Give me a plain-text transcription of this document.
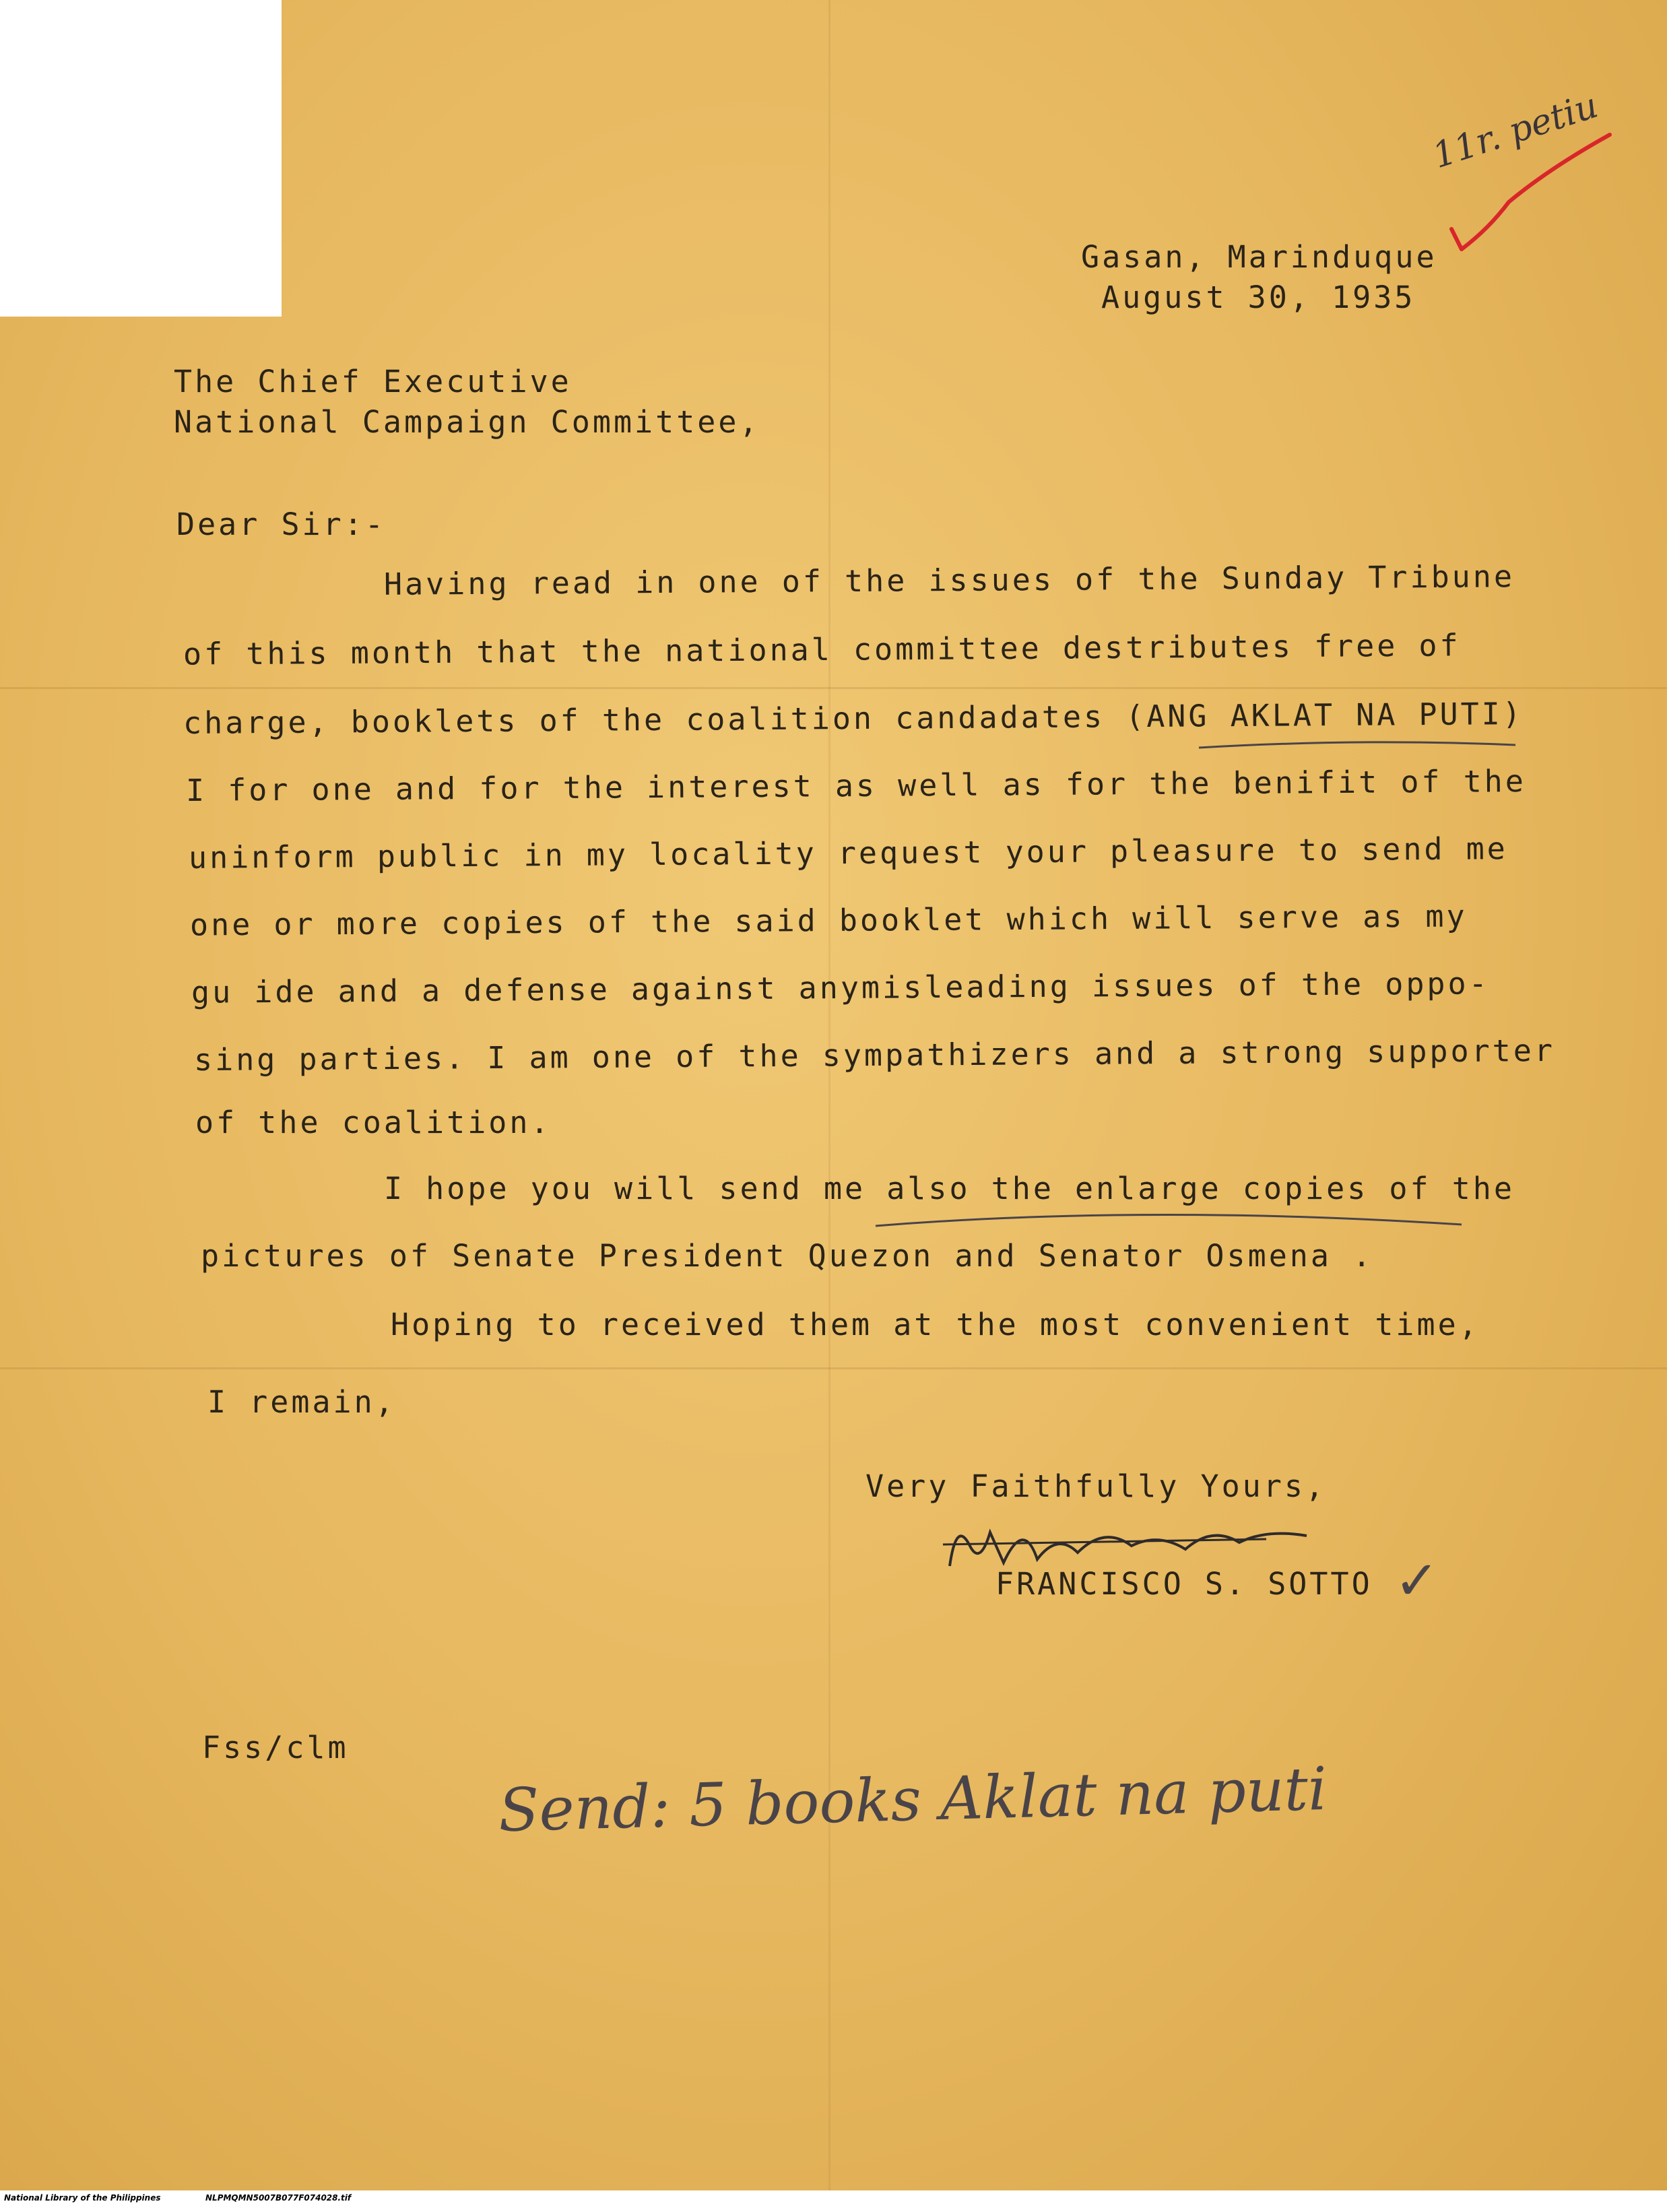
11r. petiu
Gasan, Marinduque
August 30, 1935
The Chief Executive
National Campaign Committee,
Dear Sir:-
Having read in one of the issues of the Sunday Tribune
of this month that the national committee destributes free of
charge, booklets of the coalition candadates (ANG AKLAT NA PUTI)
I for one and for the interest as well as for the benifit of the
uninform public in my locality request your pleasure to send me
one or more copies of the said booklet which will serve as my
gu ide and a defense against anymisleading issues of the oppo-
sing parties. I am one of the sympathizers and a strong supporter
of the coalition.
I hope you will send me also the enlarge copies of the
pictures of Senate President Quezon and Senator Osmena .
Hoping to received them at the most convenient time,
I remain,
Very Faithfully Yours,
FRANCISCO S. SOTTO ✓
Fss/clm
Send: 5 books Aklat na puti
National Library of the Philippines	NLPMQMN5007B077F074028.tif
